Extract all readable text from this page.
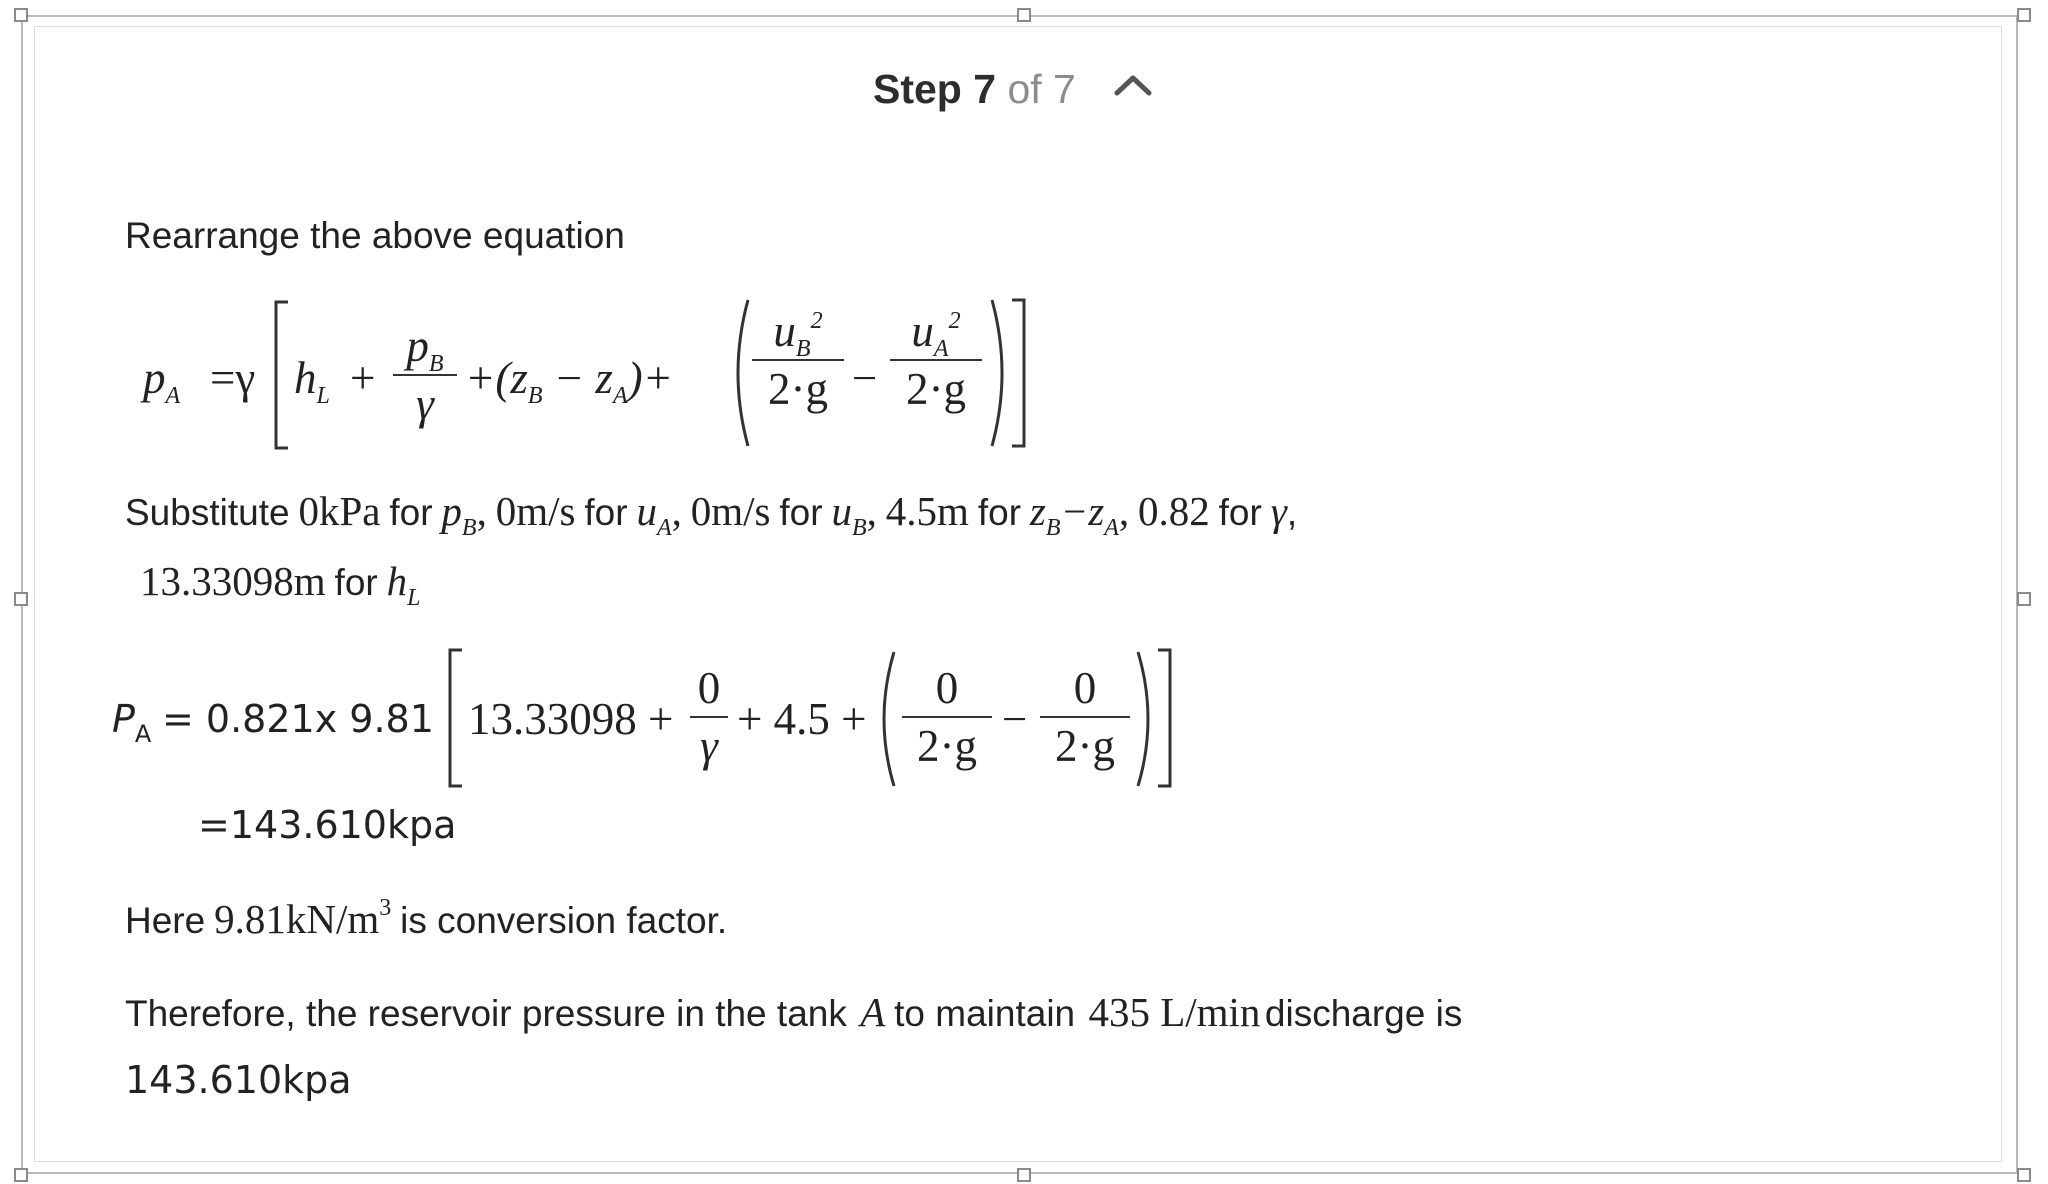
Step 7 of 7
Rearrange the above equation
$p_A =\gamma$ $h_L$ +
$p_B$
γ
$+(z_B - z_A)+$
$u_B^2$
2·g −
$u_A^2$
2·g
Substitute 0kPa for $p_B$, 0m/s for $u_A$, 0m/s for $u_B$, 4.5m for $z_B-z_A$, 0.82 for γ,
13.33098m for $h_L$
$P_A = 0.821x$ 9.81 13.33098 +
0
γ
+ 4.5 +
0
2·g
−
0
2·g
=143.610kpa
Here $9.81kN/m^3$ is conversion factor.
Therefore, the reservoir pressure in the tank A to maintain 435 L/min discharge is
143.610kpa
